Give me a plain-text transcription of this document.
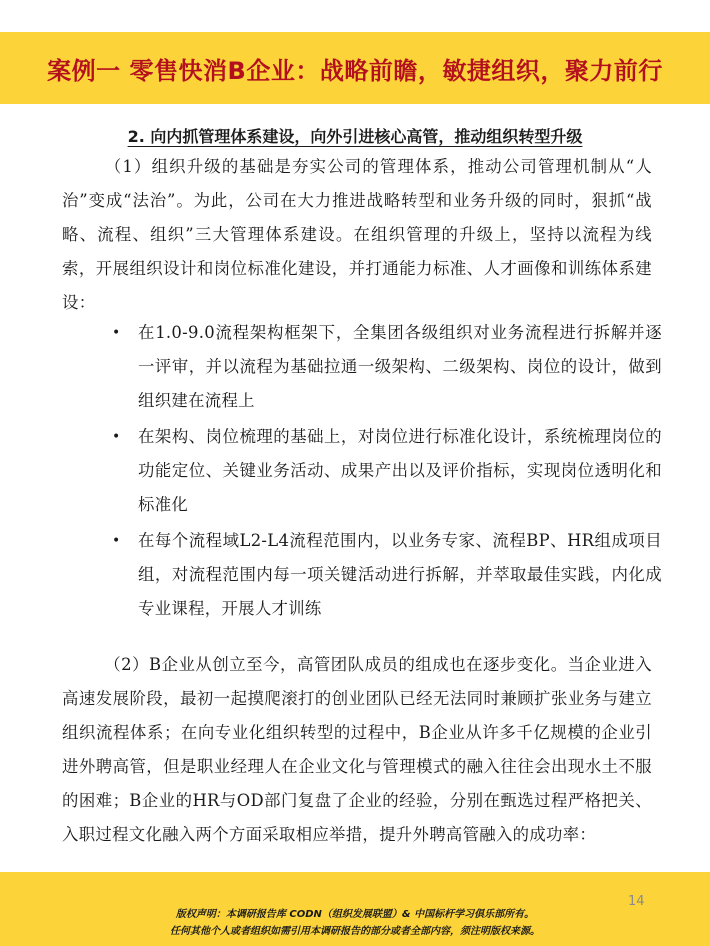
案例一 零售快消B企业：战略前瞻，敏捷组织，聚力前行
2. 向内抓管理体系建设，向外引进核心高管，推动组织转型升级
（1）组织升级的基础是夯实公司的管理体系，推动公司管理机制从“人治”变成“法治”。为此，公司在大力推进战略转型和业务升级的同时，狠抓“战略、流程、组织”三大管理体系建设。在组织管理的升级上，坚持以流程为线索，开展组织设计和岗位标准化建设，并打通能力标准、人才画像和训练体系建设：
• 在1.0-9.0流程架构框架下，全集团各级组织对业务流程进行拆解并逐一评审，并以流程为基础拉通一级架构、二级架构、岗位的设计，做到组织建在流程上
• 在架构、岗位梳理的基础上，对岗位进行标准化设计，系统梳理岗位的功能定位、关键业务活动、成果产出以及评价指标，实现岗位透明化和标准化
• 在每个流程域L2-L4流程范围内，以业务专家、流程BP、HR组成项目组，对流程范围内每一项关键活动进行拆解，并萃取最佳实践，内化成专业课程，开展人才训练
（2）B企业从创立至今，高管团队成员的组成也在逐步变化。当企业进入高速发展阶段，最初一起摸爬滚打的创业团队已经无法同时兼顾扩张业务与建立组织流程体系；在向专业化组织转型的过程中，B企业从许多千亿规模的企业引进外聘高管，但是职业经理人在企业文化与管理模式的融入往往会出现水土不服的困难；B企业的HR与OD部门复盘了企业的经验，分别在甄选过程严格把关、入职过程文化融入两个方面采取相应举措，提升外聘高管融入的成功率：
14
版权声明：本调研报告库 CODN（组织发展联盟）& 中国标杆学习俱乐部所有。
任何其他个人或者组织如需引用本调研报告的部分或者全部内容，须注明版权来源。
